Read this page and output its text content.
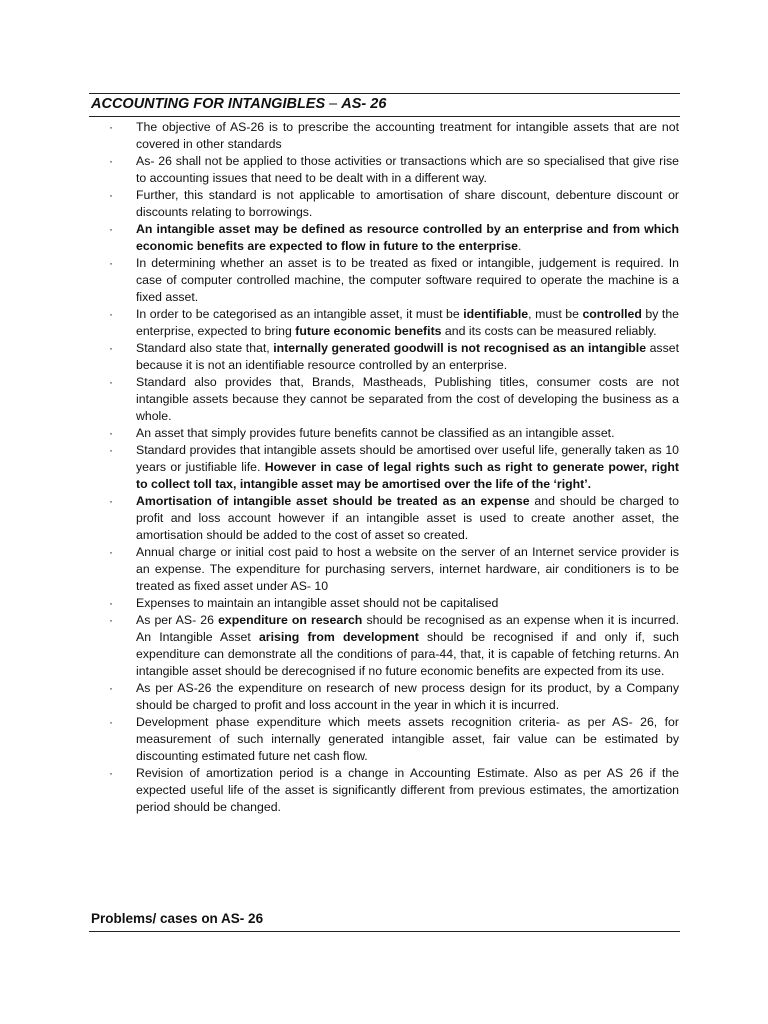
ACCOUNTING FOR INTANGIBLES – AS- 26
· The objective of AS-26 is to prescribe the accounting treatment for intangible assets that are not covered in other standards
· As- 26 shall not be applied to those activities or transactions which are so specialised that give rise to accounting issues that need to be dealt with in a different way.
· Further, this standard is not applicable to amortisation of share discount, debenture discount or discounts relating to borrowings.
· An intangible asset may be defined as resource controlled by an enterprise and from which economic benefits are expected to flow in future to the enterprise.
· In determining whether an asset is to be treated as fixed or intangible, judgement is required. In case of computer controlled machine, the computer software required to operate the machine is a fixed asset.
· In order to be categorised as an intangible asset, it must be identifiable, must be controlled by the enterprise, expected to bring future economic benefits and its costs can be measured reliably.
· Standard also state that, internally generated goodwill is not recognised as an intangible asset because it is not an identifiable resource controlled by an enterprise.
· Standard also provides that, Brands, Mastheads, Publishing titles, consumer costs are not intangible assets because they cannot be separated from the cost of developing the business as a whole.
· An asset that simply provides future benefits cannot be classified as an intangible asset.
· Standard provides that intangible assets should be amortised over useful life, generally taken as 10 years or justifiable life. However in case of legal rights such as right to generate power, right to collect toll tax, intangible asset may be amortised over the life of the ‘right’.
· Amortisation of intangible asset should be treated as an expense and should be charged to profit and loss account however if an intangible asset is used to create another asset, the amortisation should be added to the cost of asset so created.
· Annual charge or initial cost paid to host a website on the server of an Internet service provider is an expense. The expenditure for purchasing servers, internet hardware, air conditioners is to be treated as fixed asset under AS- 10
· Expenses to maintain an intangible asset should not be capitalised
· As per AS- 26 expenditure on research should be recognised as an expense when it is incurred. An Intangible Asset arising from development should be recognised if and only if, such expenditure can demonstrate all the conditions of para-44, that, it is capable of fetching returns. An intangible asset should be derecognised if no future economic benefits are expected from its use.
· As per AS-26 the expenditure on research of new process design for its product, by a Company should be charged to profit and loss account in the year in which it is incurred.
· Development phase expenditure which meets assets recognition criteria- as per AS- 26, for measurement of such internally generated intangible asset, fair value can be estimated by discounting estimated future net cash flow.
· Revision of amortization period is a change in Accounting Estimate. Also as per AS 26 if the expected useful life of the asset is significantly different from previous estimates, the amortization period should be changed.
Problems/ cases on AS- 26
